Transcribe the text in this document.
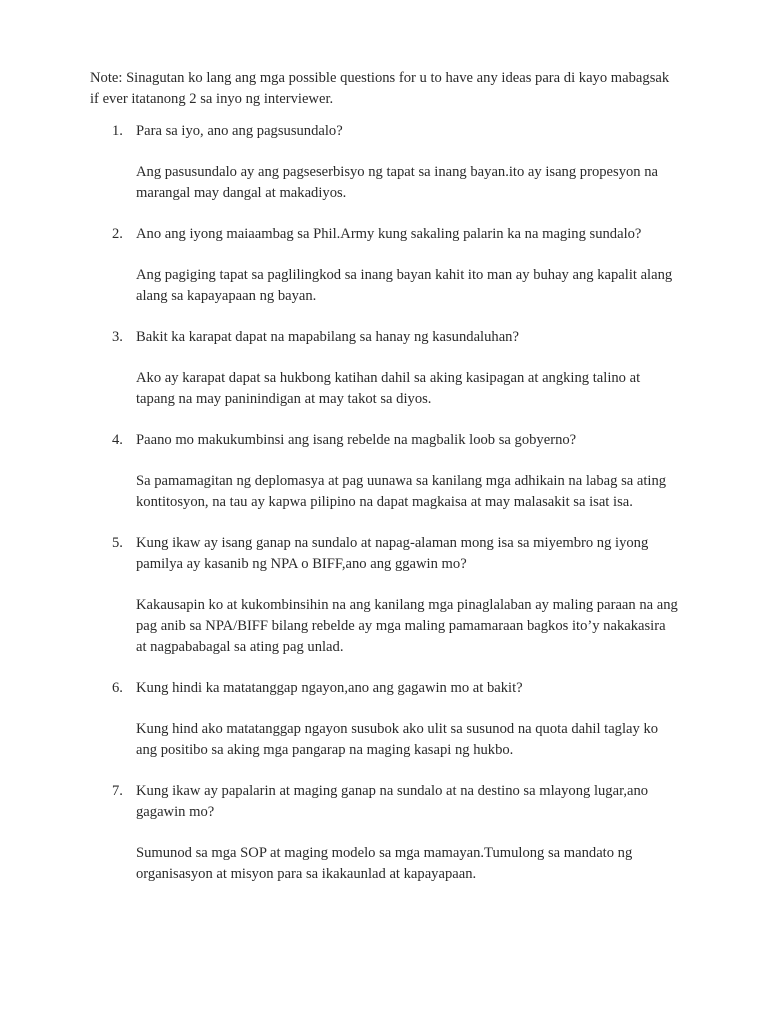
Note: Sinagutan ko lang ang mga possible questions for u to have any ideas para di kayo mabagsak if ever itatanong 2 sa inyo ng interviewer.

1. Para sa iyo, ano ang pagsusundalo?

Ang pasusundalo ay ang pagseserbisyo ng tapat sa inang bayan.ito ay isang propesyon na marangal may dangal at makadiyos.

2. Ano ang iyong maiaambag sa Phil.Army kung sakaling palarin ka na maging sundalo?

Ang pagiging tapat sa paglilingkod sa inang bayan kahit ito man ay buhay ang kapalit alang alang sa kapayapaan ng bayan.

3. Bakit ka karapat dapat na mapabilang sa hanay ng kasundaluhan?

Ako ay karapat dapat sa hukbong katihan dahil sa aking kasipagan at angking talino at tapang na may paninindigan at may takot sa diyos.

4. Paano mo makukumbinsi ang isang rebelde na magbalik loob sa gobyerno?

Sa pamamagitan ng deplomasya at pag uunawa sa kanilang mga adhikain na labag sa ating kontitosyon, na tau ay kapwa pilipino na dapat magkaisa at may malasakit sa isat isa.

5. Kung ikaw ay isang ganap na sundalo at napag-alaman mong isa sa miyembro ng iyong pamilya ay kasanib ng NPA o BIFF,ano ang ggawin mo?

Kakausapin ko at kukombinsihin na ang kanilang mga pinaglalaban ay maling paraan na ang pag anib sa NPA/BIFF bilang rebelde ay mga maling pamamaraan bagkos ito’y nakakasira at nagpababagal sa ating pag unlad.

6. Kung hindi ka matatanggap ngayon,ano ang gagawin mo at bakit?

Kung hind ako matatanggap ngayon susubok ako ulit sa susunod na quota dahil taglay ko ang positibo sa aking mga pangarap na maging kasapi ng hukbo.

7. Kung ikaw ay papalarin at maging ganap na sundalo at na destino sa mlayong lugar,ano gagawin mo?

Sumunod sa mga SOP at maging modelo sa mga mamayan.Tumulong sa mandato ng organisasyon at misyon para sa ikakaunlad at kapayapaan.
